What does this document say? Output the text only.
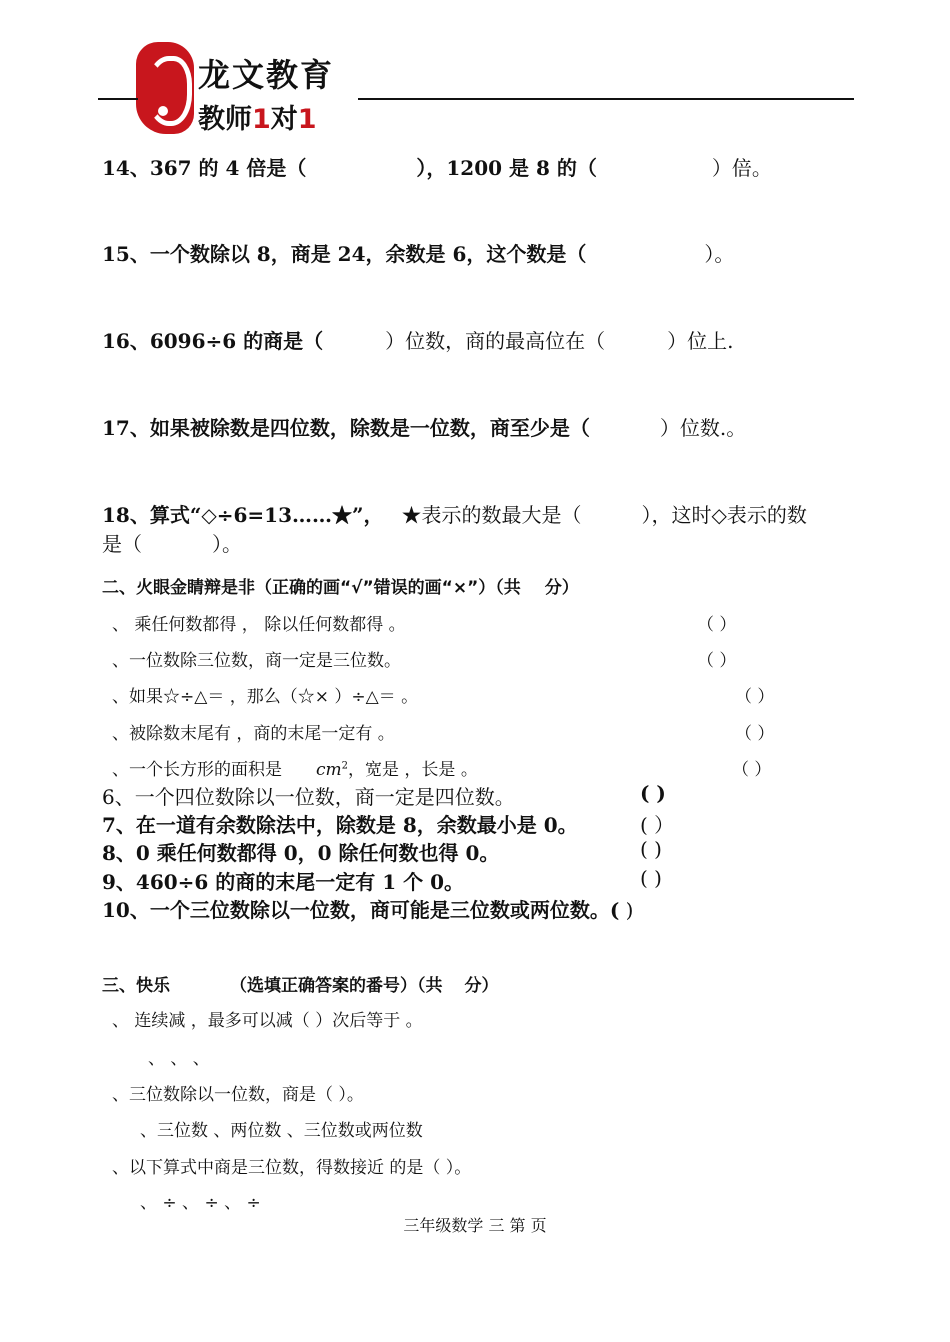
龙文教育
教师1对1
14、367 的 4 倍是（	），1200 是 8 的（	）倍。
15、一个数除以 8，商是 24，余数是 6，这个数是（	）。
16、6096÷6 的商是（	）位数，商的最高位在（	）位上.
17、如果被除数是四位数，除数是一位数，商至少是（	）位数.。
18、算式“◇÷6=13……★”， ★表示的数最大是（	），这时◇表示的数
是（	）。
二、火眼金睛辩是非（正确的画“√”错误的画“×”）（共 分）
、 乘任何数都得 ， 除以任何数都得 。	（ ）
、一位数除三位数，商一定是三位数。	（ ）
、如果☆÷△＝ ，那么（☆× ）÷△＝ 。	（ ）
、被除数末尾有 ，商的末尾一定有 。	（ ）
、一个长方形的面积是 $cm^2$，宽是 ，长是 。	（ ）
6、一个四位数除以一位数，商一定是四位数。	( )
7、在一道有余数除法中，除数是 8，余数最小是 0。	( ）
8、0 乘任何数都得 0，0 除任何数也得 0。	( )
9、460÷6 的商的末尾一定有 1 个 0。	( )
10、一个三位数除以一位数，商可能是三位数或两位数。( )
三、快乐	（选填正确答案的番号）（共 分）
、 连续减 ，最多可以减（ ）次后等于 。
、 、 、
、三位数除以一位数，商是（ ）。
、三位数 、两位数 、三位数或两位数
、以下算式中商是三位数，得数接近 的是（ ）。
、 ÷ 、 ÷ 、 ÷
三年级数学 三 第 页
